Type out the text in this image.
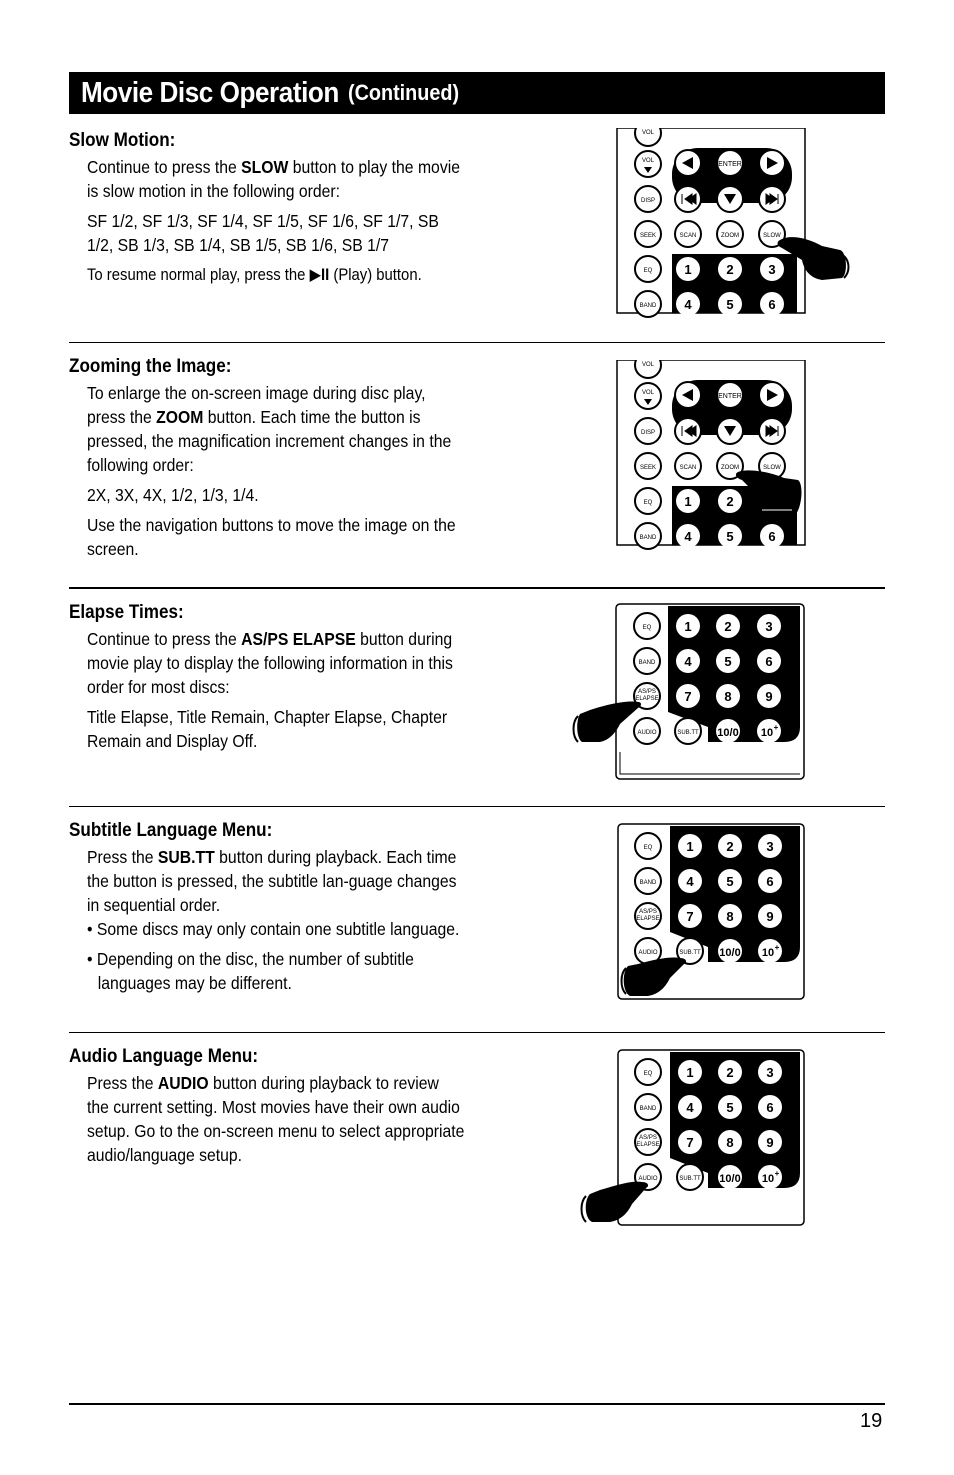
Movie Disc Operation (Continued)
Slow Motion:

Continue to press the SLOW button to play the movie is slow motion in the following order:

SF 1/2, SF 1/3, SF 1/4, SF 1/5, SF 1/6, SF 1/7, SB 1/2, SB 1/3, SB 1/4, SB 1/5, SB 1/6, SB 1/7

To resume normal play, press the ▶II (Play) button.

ENTER
VOL
VOL
DISP
SEEK	SCAN	ZOOM	SLOW
EQ 1	2	3
BAND 4	5	6
Zooming the Image:

To enlarge the on-screen image during disc play, press the ZOOM button. Each time the button is pressed, the magnification increment changes in the following order:

2X, 3X, 4X, 1/2, 1/3, 1/4.

Use the navigation buttons to move the image on the screen.

ENTER
VOL
VOL
DISP
SEEK	SCAN	ZOOM	SLOW
EQ 1	2
BAND 4	5	6
Elapse Times:

Continue to press the AS/PS ELAPSE button during movie play to display the following information in this order for most discs:

Title Elapse, Title Remain, Chapter Elapse, Chapter Remain and Display Off.

EQ	1	2	3
BAND 4	5	6
AS/PS
ELAPSE 7	8	9
AUDIO	SUB.TT 10/0 10 +
Subtitle Language Menu:

Press the SUB.TT button during playback. Each time the button is pressed, the subtitle lan-guage changes in sequential order.

• Some discs may only contain one subtitle language.

• Depending on the disc, the number of subtitle languages may be different.

EQ	1	2	3
BAND 4	5	6
AS/PS
ELAPSE 7	8	9
AUDIO	SUB.TT 10/0 10 +
Audio Language Menu:

Press the AUDIO button during playback to review the current setting. Most movies have their own audio setup. Go to the on-screen menu to select appropriate audio/language setup.

EQ	1	2	3
BAND 4	5	6
AS/PS
ELAPSE 7	8	9
AUDIO	SUB.TT 10/0 10 +
19
